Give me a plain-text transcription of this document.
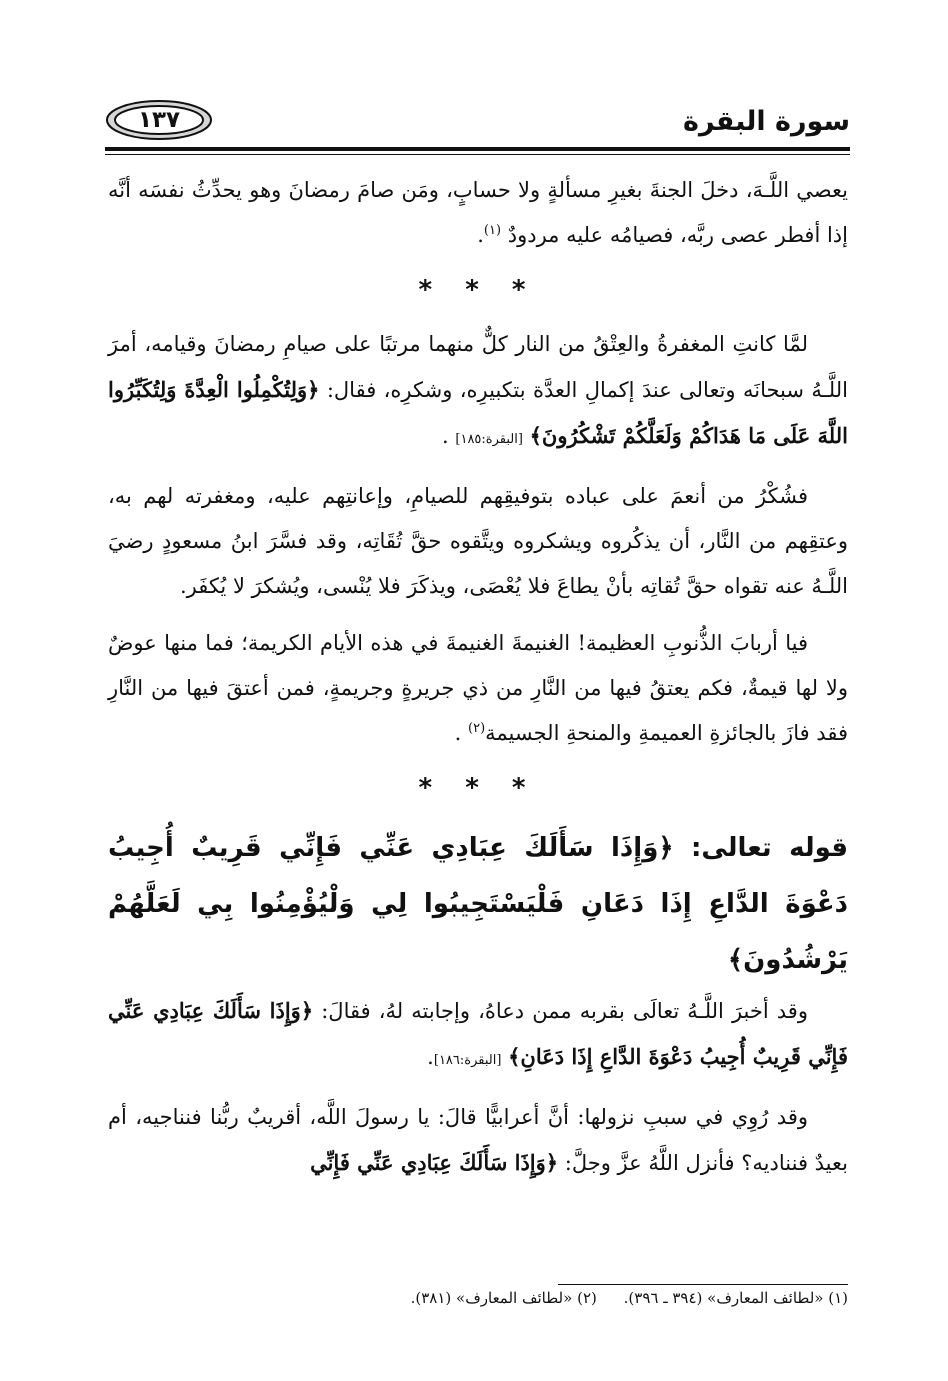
سورة البقرة
١٣٧

يعصي اللَّـهَ، دخلَ الجنةَ بغيرِ مسألةٍ ولا حسابٍ، ومَن صامَ رمضانَ وهو يحدِّثُ نفسَه أنَّه إذا أفطر عصى ربَّه، فصيامُه عليه مردودٌ $^{(١)}$.

* * *

لمَّا كانتِ المغفرةُ والعِتْقُ من النار كلٌّ منهما مرتبًا على صيامِ رمضانَ وقيامه، أمرَ اللَّـهُ سبحانَه وتعالى عندَ إكمالِ العدَّة بتكبيرِه، وشكرِه، فقال: ﴿وَلِتُكْمِلُوا الْعِدَّةَ وَلِتُكَبِّرُوا اللَّهَ عَلَى مَا هَدَاكُمْ وَلَعَلَّكُمْ تَشْكُرُونَ﴾ [البقرة:١٨٥] .

فشُكْرُ من أنعمَ على عباده بتوفيقِهم للصيامِ، وإعانتِهم عليه، ومغفرته لهم به، وعتقِهم من النَّار، أن يذكُروه ويشكروه ويتَّقوه حقَّ تُقَاتِه، وقد فسَّرَ ابنُ مسعودٍ رضيَ اللَّـهُ عنه تقواه حقَّ تُقاتِه بأنْ يطاعَ فلا يُعْصَى، ويذكَرَ فلا يُنْسى، ويُشكرَ لا يُكفَر.

فيا أربابَ الذُّنوبِ العظيمة! الغنيمةَ الغنيمةَ في هذه الأيام الكريمة؛ فما منها عوضٌ ولا لها قيمةٌ، فكم يعتقُ فيها من النَّارِ من ذي جريرةٍ وجريمةٍ، فمن أعتقَ فيها من النَّارِ فقد فازَ بالجائزةِ العميمةِ والمنحةِ الجسيمة$^{(٢)}$ .

* * *

قوله تعالى: ﴿وَإِذَا سَأَلَكَ عِبَادِي عَنِّي فَإِنِّي قَرِيبٌ أُجِيبُ دَعْوَةَ الدَّاعِ إِذَا دَعَانِ فَلْيَسْتَجِيبُوا لِي وَلْيُؤْمِنُوا بِي لَعَلَّهُمْ يَرْشُدُونَ﴾

وقد أخبرَ اللَّـهُ تعالَى بقربه ممن دعاهُ، وإجابته لهُ، فقالَ: ﴿وَإِذَا سَأَلَكَ عِبَادِي عَنِّي فَإِنِّي قَرِيبٌ أُجِيبُ دَعْوَةَ الدَّاعِ إِذَا دَعَانِ﴾ [البقرة:١٨٦].

وقد رُوِي في سببِ نزولها: أنَّ أعرابيًّا قالَ: يا رسولَ اللَّه، أقريبٌ ربُّنا فنناجيه، أم بعيدٌ فنناديه؟ فأنزل اللَّهُ عزَّ وجلَّ: ﴿وَإِذَا سَأَلَكَ عِبَادِي عَنِّي فَإِنِّي

(١) «لطائف المعارف» (٣٩٤ ـ ٣٩٦). (٢) «لطائف المعارف» (٣٨١).
